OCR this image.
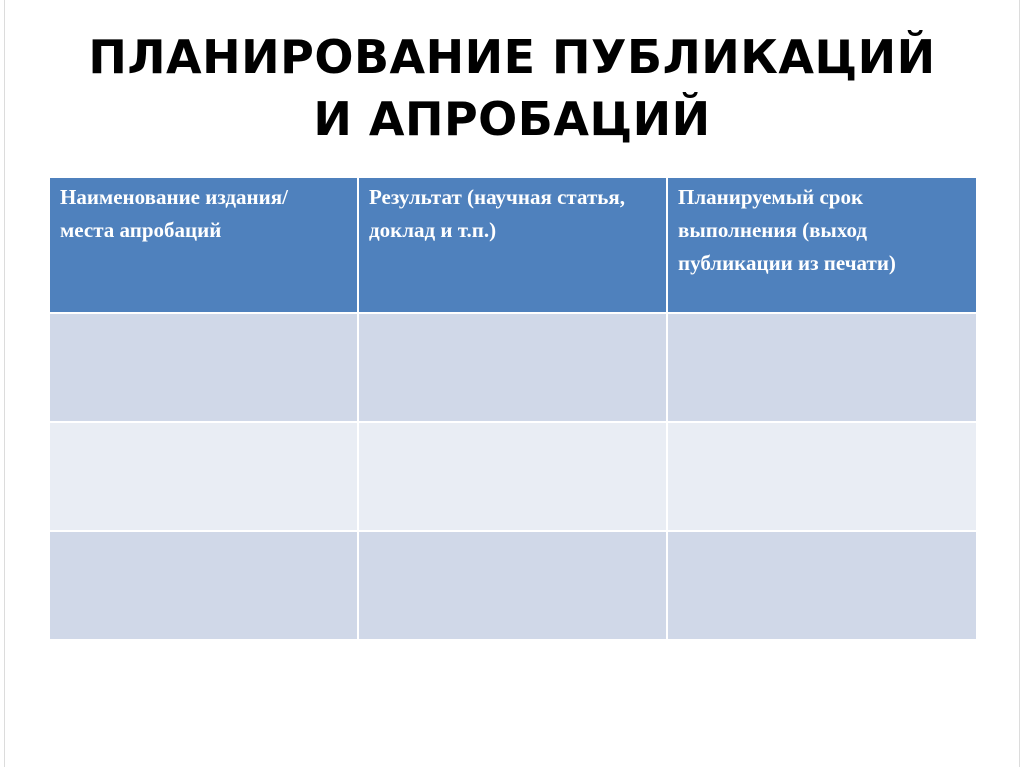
ПЛАНИРОВАНИЕ ПУБЛИКАЦИЙ
И АПРОБАЦИЙ
Наименование издания/ места апробаций	Результат (научная статья, доклад и т.п.)	Планируемый срок выполнения (выход публикации из печати)
